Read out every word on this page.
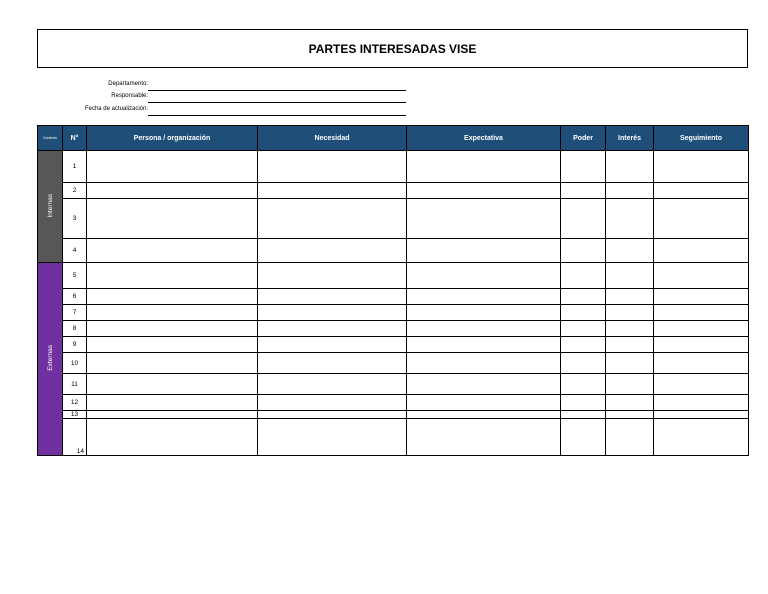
PARTES INTERESADAS VISE
Departamento:
Responsable:
Fecha de actualización:
Contexto	N°	Persona / organización	Necesidad	Expectativa	Poder	Interés	Seguimiento
Internas	1						
	2						
	3						
	4						
Externas	5						
	6						
	7						
	8						
	9						
	10						
	11						
	12						
	13						
	14						
